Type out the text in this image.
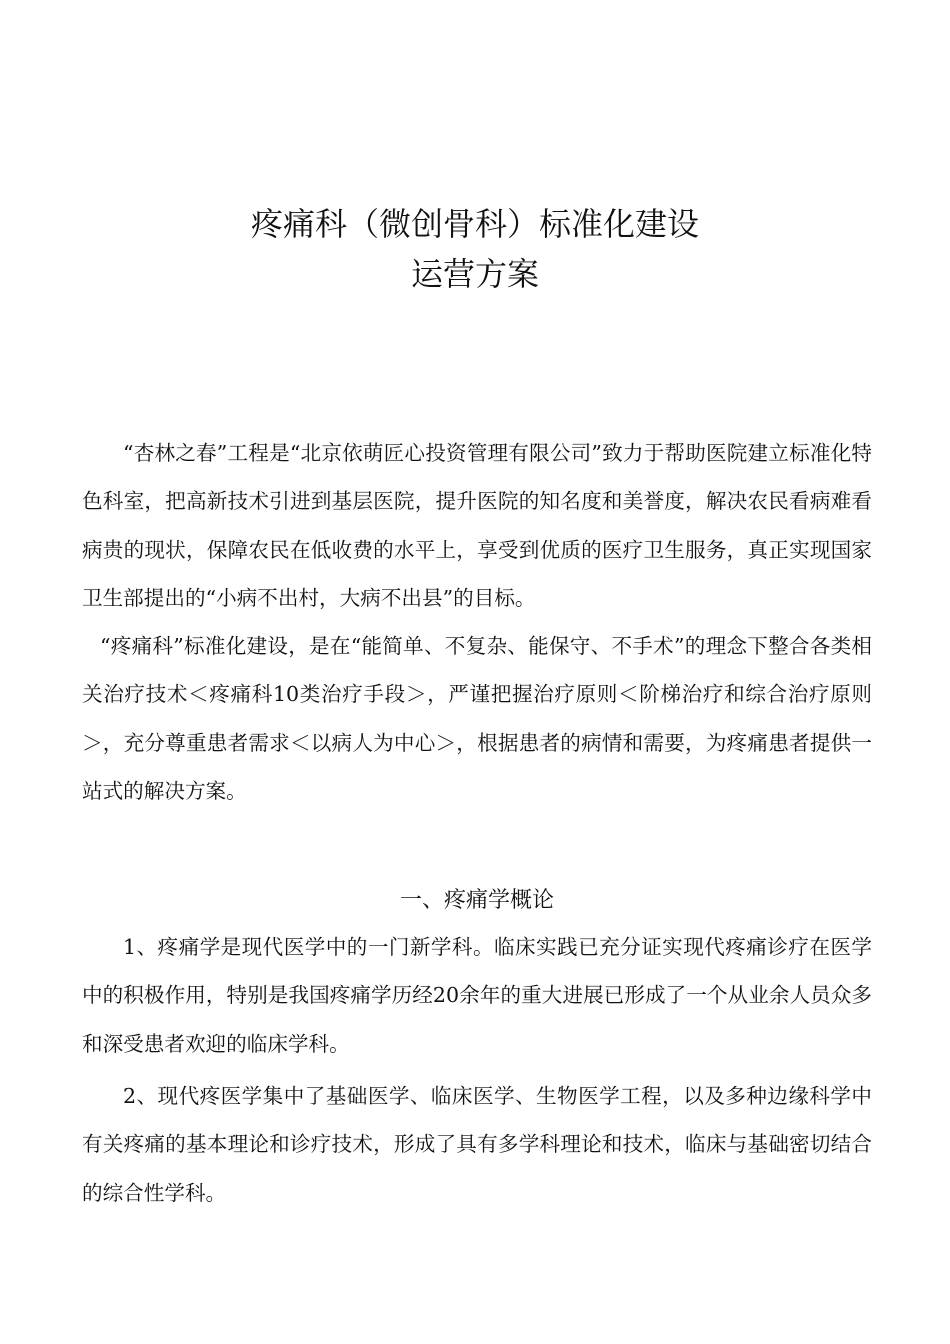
疼痛科（微创骨科）标准化建设
运营方案

“杏林之春”工程是“北京依萌匠心投资管理有限公司”致力于帮助医院建立标准化特色科室，把高新技术引进到基层医院，提升医院的知名度和美誉度，解决农民看病难看病贵的现状，保障农民在低收费的水平上，享受到优质的医疗卫生服务，真正实现国家卫生部提出的“小病不出村，大病不出县”的目标。

“疼痛科”标准化建设，是在“能简单、不复杂、能保守、不手术”的理念下整合各类相关治疗技术＜疼痛科10类治疗手段＞，严谨把握治疗原则＜阶梯治疗和综合治疗原则＞，充分尊重患者需求＜以病人为中心＞，根据患者的病情和需要，为疼痛患者提供一站式的解决方案。

一、疼痛学概论

1、疼痛学是现代医学中的一门新学科。临床实践已充分证实现代疼痛诊疗在医学中的积极作用，特别是我国疼痛学历经20余年的重大进展已形成了一个从业余人员众多和深受患者欢迎的临床学科。

2、现代疼医学集中了基础医学、临床医学、生物医学工程，以及多种边缘科学中有关疼痛的基本理论和诊疗技术，形成了具有多学科理论和技术，临床与基础密切结合的综合性学科。
